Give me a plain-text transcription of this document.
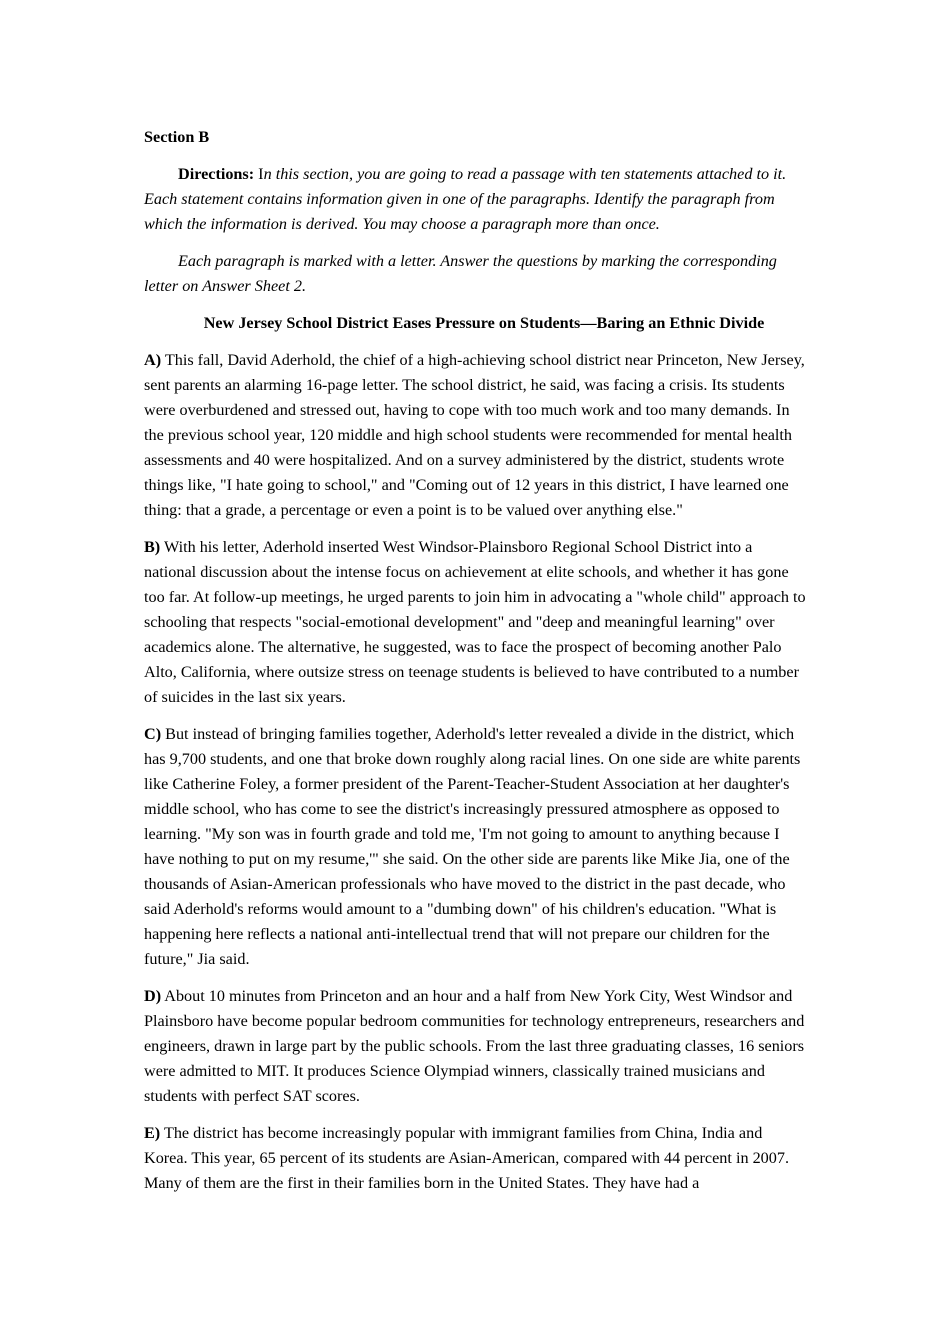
Section B

Directions: In this section, you are going to read a passage with ten statements attached to it. Each statement contains information given in one of the paragraphs. Identify the paragraph from which the information is derived. You may choose a paragraph more than once.

Each paragraph is marked with a letter. Answer the questions by marking the corresponding letter on Answer Sheet 2.

New Jersey School District Eases Pressure on Students—Baring an Ethnic Divide

A) This fall, David Aderhold, the chief of a high-achieving school district near Princeton, New Jersey, sent parents an alarming 16-page letter. The school district, he said, was facing a crisis. Its students were overburdened and stressed out, having to cope with too much work and too many demands. In the previous school year, 120 middle and high school students were recommended for mental health assessments and 40 were hospitalized. And on a survey administered by the district, students wrote things like, "I hate going to school," and "Coming out of 12 years in this district, I have learned one thing: that a grade, a percentage or even a point is to be valued over anything else."

B) With his letter, Aderhold inserted West Windsor-Plainsboro Regional School District into a national discussion about the intense focus on achievement at elite schools, and whether it has gone too far. At follow-up meetings, he urged parents to join him in advocating a "whole child" approach to schooling that respects "social-emotional development" and "deep and meaningful learning" over academics alone. The alternative, he suggested, was to face the prospect of becoming another Palo Alto, California, where outsize stress on teenage students is believed to have contributed to a number of suicides in the last six years.

C) But instead of bringing families together, Aderhold's letter revealed a divide in the district, which has 9,700 students, and one that broke down roughly along racial lines. On one side are white parents like Catherine Foley, a former president of the Parent-Teacher-Student Association at her daughter's middle school, who has come to see the district's increasingly pressured atmosphere as opposed to learning. "My son was in fourth grade and told me, 'I'm not going to amount to anything because I have nothing to put on my resume,'" she said. On the other side are parents like Mike Jia, one of the thousands of Asian-American professionals who have moved to the district in the past decade, who said Aderhold's reforms would amount to a "dumbing down" of his children's education. "What is happening here reflects a national anti-intellectual trend that will not prepare our children for the future," Jia said.

D) About 10 minutes from Princeton and an hour and a half from New York City, West Windsor and Plainsboro have become popular bedroom communities for technology entrepreneurs, researchers and engineers, drawn in large part by the public schools. From the last three graduating classes, 16 seniors were admitted to MIT. It produces Science Olympiad winners, classically trained musicians and students with perfect SAT scores.

E) The district has become increasingly popular with immigrant families from China, India and Korea. This year, 65 percent of its students are Asian-American, compared with 44 percent in 2007. Many of them are the first in their families born in the United States. They have had a
